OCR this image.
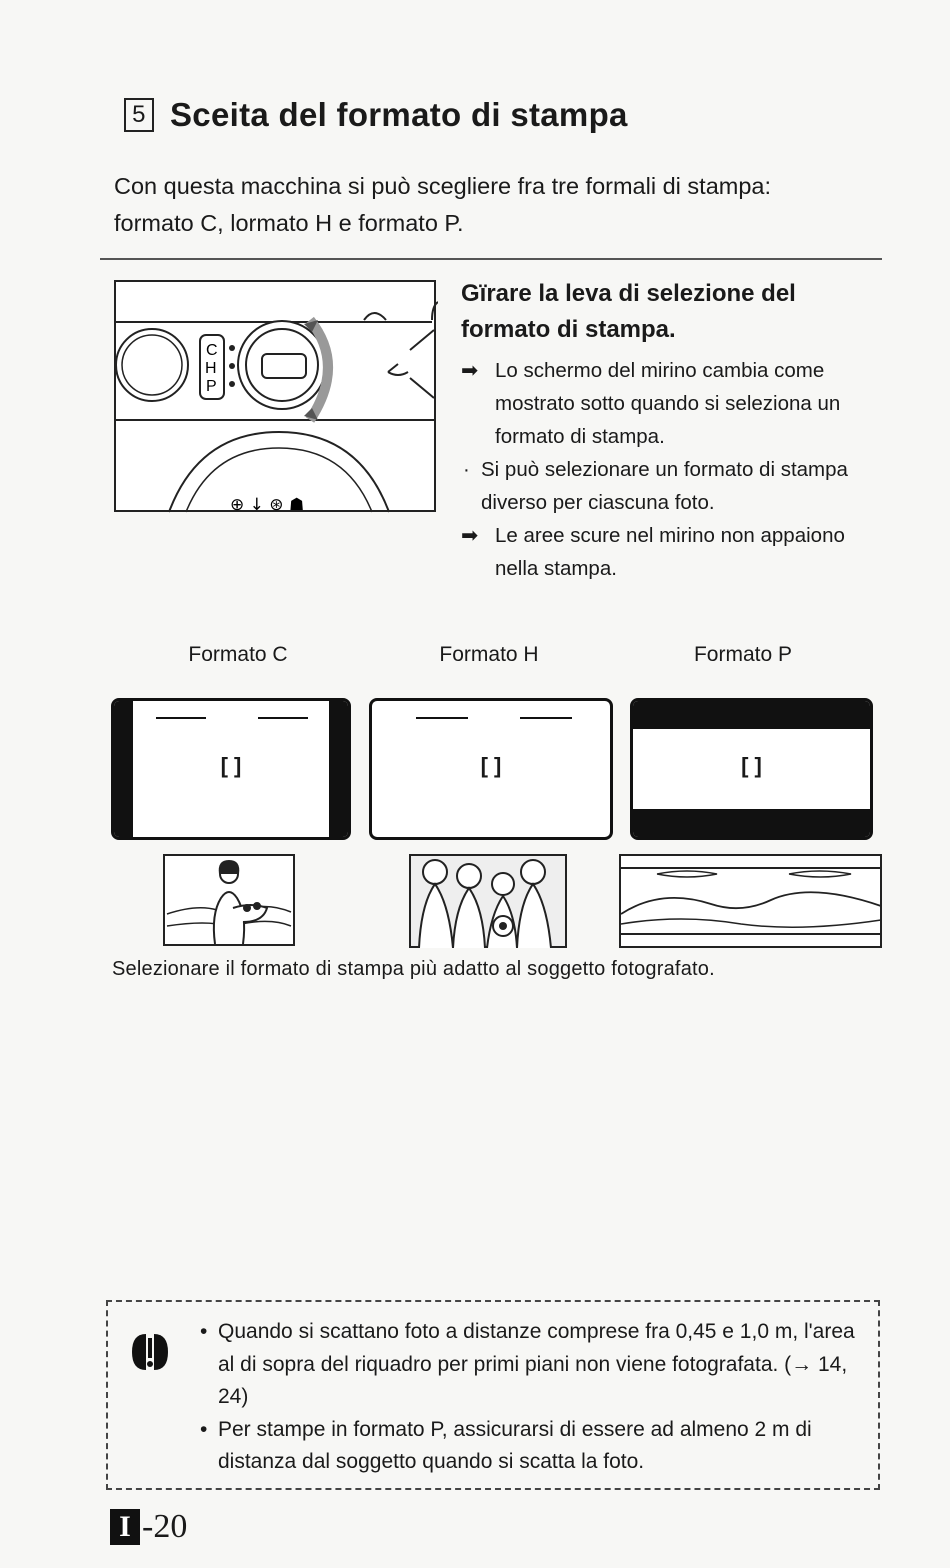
5 Sceita del formato di stampa
Con questa macchina si può scegliere fra tre formali di stampa: formato C, lormato H e formato P.
C
H
P
⊕ ↓ ⊛ ☗
Gïrare la leva di selezione del formato di stampa.
➡ Lo schermo del mirino cambia come mostrato sotto quando si seleziona un formato di stampa.
· Si può selezionare un formato di stampa diverso per ciascuna foto.
➡ Le aree scure nel mirino non appaiono nella stampa.
Formato C	Formato H	Formato P
[ ]	[ ]	[ ]
Selezionare il formato di stampa più adatto al soggetto fotografato.
• Quando si scattano foto a distanze comprese fra 0,45 e 1,0 m, l'area al di sopra del riquadro per primi piani non viene fotografata. (→ 14, 24)
• Per stampe in formato P, assicurarsi di essere ad almeno 2 m di distanza dal soggetto quando si scatta la foto.
I -20
